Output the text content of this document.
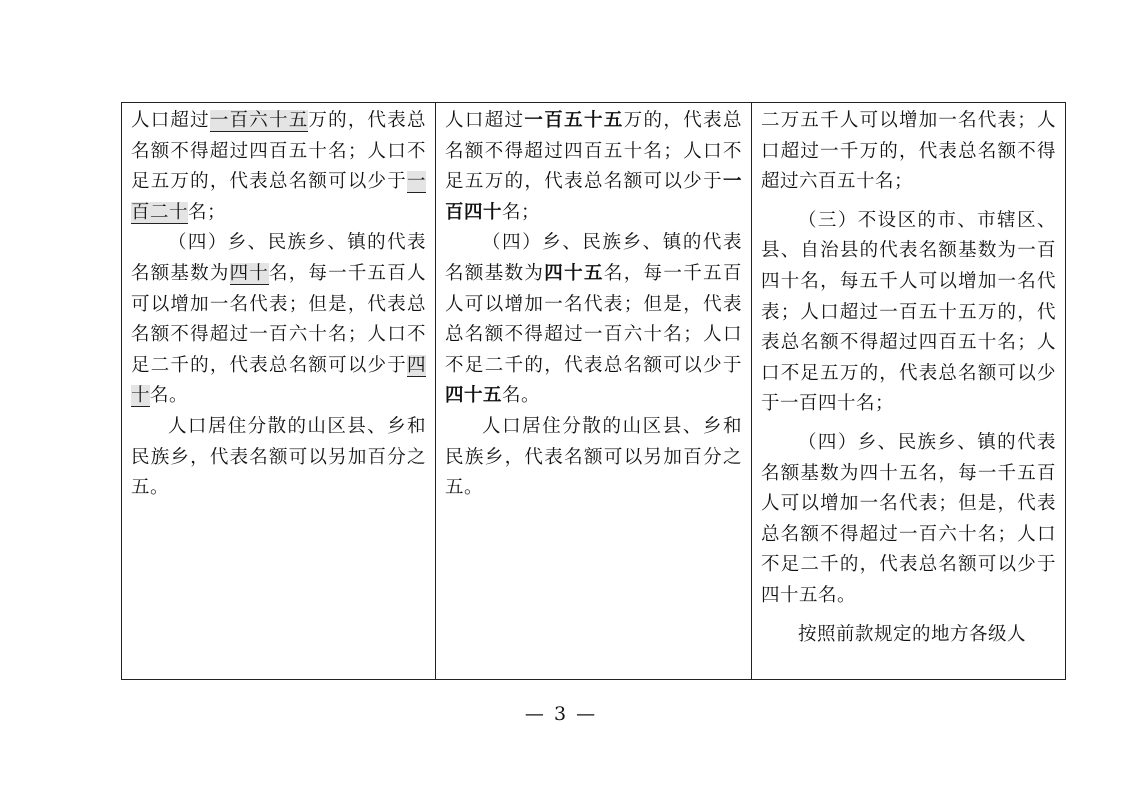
人口超过一百六十五万的，代表总名额不得超过四百五十名；人口不足五万的，代表总名额可以少于一百二十名；

（四）乡、民族乡、镇的代表名额基数为四十名，每一千五百人可以增加一名代表；但是，代表总名额不得超过一百六十名；人口不足二千的，代表总名额可以少于四十名。

人口居住分散的山区县、乡和民族乡，代表名额可以另加百分之五。

人口超过一百五十五万的，代表总名额不得超过四百五十名；人口不足五万的，代表总名额可以少于一百四十名；

（四）乡、民族乡、镇的代表名额基数为四十五名，每一千五百人可以增加一名代表；但是，代表总名额不得超过一百六十名；人口不足二千的，代表总名额可以少于四十五名。

人口居住分散的山区县、乡和民族乡，代表名额可以另加百分之五。

二万五千人可以增加一名代表；人口超过一千万的，代表总名额不得超过六百五十名；

（三）不设区的市、市辖区、县、自治县的代表名额基数为一百四十名，每五千人可以增加一名代表；人口超过一百五十五万的，代表总名额不得超过四百五十名；人口不足五万的，代表总名额可以少于一百四十名；

（四）乡、民族乡、镇的代表名额基数为四十五名，每一千五百人可以增加一名代表；但是，代表总名额不得超过一百六十名；人口不足二千的，代表总名额可以少于四十五名。

按照前款规定的地方各级人

— 3 —
